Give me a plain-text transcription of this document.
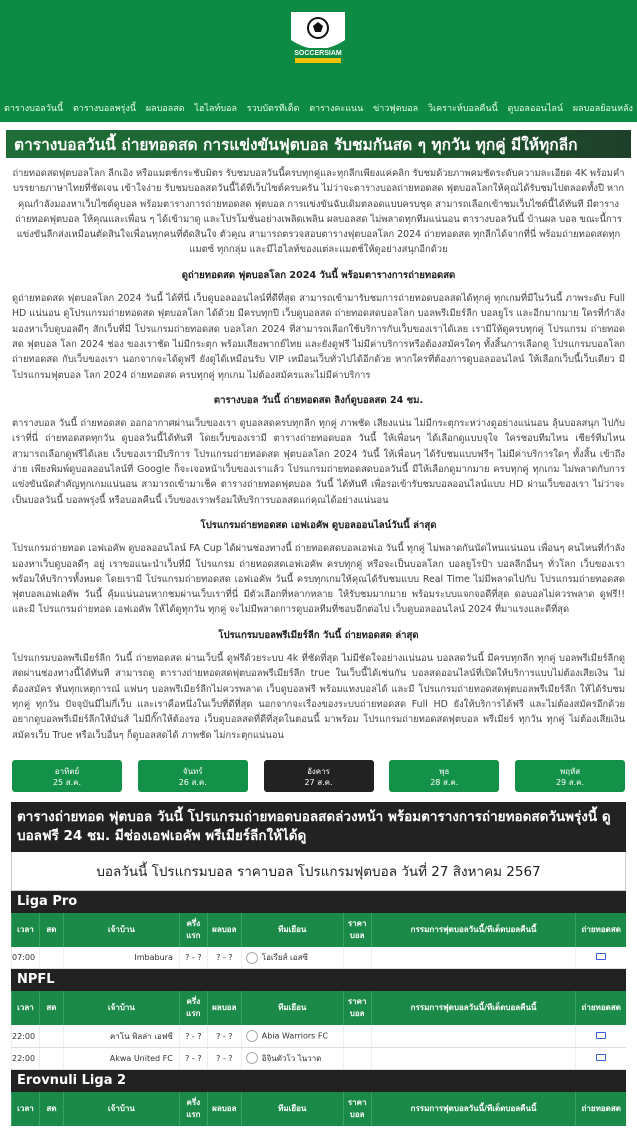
SOCCERSIAM
ตารางบอลวันนี้ ตารางบอลพรุ่งนี้ ผลบอลสด ไฮไลท์บอล รวบบัตรทีเด็ด ตารางคะแนน ข่าวฟุตบอล วิเคราะห์บอลคืนนี้ ดูบอลออนไลน์ ผลบอลย้อนหลัง
ตารางบอลวันนี้ ถ่ายทอดสด การแข่งขันฟุตบอล รับชมกันสด ๆ ทุกวัน ทุกคู่ มีให้ทุกลีก

ถ่ายทอดสดฟุตบอลโลก ลีกเอิง หรือแมตช์กระชับมิตร รับชมบอลวันนี้ครบทุกคู่และทุกลีกเพียงแค่คลิก รับชมด้วยภาพคมชัดระดับความละเอียด 4K พร้อมคำบรรยายภาษาไทยที่ชัดเจน เข้าใจง่าย รับชมบอลสดวันนี้ได้ที่เว็บไซต์ครบครัน ไม่ว่าจะตารางบอลถ่ายทอดสด ฟุตบอลโลกให้คุณได้รับชมไปตลอดทั้งปี หากคุณกำลังมองหาเว็บไซต์ดูบอล พร้อมตารางการถ่ายทอดสด ฟุตบอล การแข่งขันฉับเดิมตลอดแบบครบชุด สามารถเลือกเข้าชมเว็บไซต์นี้ได้ทันที มีตารางถ่ายทอดฟุตบอล ให้คุณและเพื่อน ๆ ได้เข้ามาดู และโปรโมชั่นอย่างเพลิดเพลิน ผลบอลสด ไม่พลาดทุกทีมแน่นอน ตารางบอลวันนี้ บ้านผล บอล ขณะนี้การแข่งขันลีกส่งเหมือนตัดสินใจเพื่อนทุกคนที่ตัดสินใจ ตัวคุณ สามารถตรวจสอบตารางฟุตบอลโลก 2024 ถ่ายทอดสด ทุกลีกได้จากที่นี่ พร้อมถ่ายทอดสดทุกแมตซ์ ทุกกลุ่ม และมีไฮไลท์ของแต่ละแมตช์ให้ดูอย่างสนุกอีกด้วย

ดูถ่ายทอดสด ฟุตบอลโลก 2024 วันนี้ พร้อมตารางการถ่ายทอดสด

ดูถ่ายทอดสด ฟุตบอลโลก 2024 วันนี้ ได้ที่นี่ เว็บดูบอลออนไลน์ที่ดีที่สุด สามารถเข้ามารับชมการถ่ายทอดบอลสดได้ทุกคู่ ทุกเกมที่มีในวันนี้ ภาพระดับ Full HD แน่นอน ดูโปรแกรมถ่ายทอดสด ฟุตบอลโลก ได้ด้วย มีครบทุกปี เว็บดูบอลสด ถ่ายทอดสดบอลโลก บอลพรีเมียร์ลีก บอลยูโร และอีกมากมาย ใครที่กำลังมองหาเว็บดูบอลดีๆ สักเว็บที่มี โปรแกรมถ่ายทอดสด บอลโลก 2024 ที่สามารถเลือกใช้บริการกับเว็บของเราได้เลย เรามีให้ดูครบทุกคู่ โปรแกรม ถ่ายทอด สด ฟุตบอล โลก 2024 ช่อง ของเราชัด ไม่มีกระตุก พร้อมเสียงพากย์ไทย และยังดูฟรี ไม่มีค่าบริการหรือต้องสมัครใดๆ ทั้งสิ้นการเลือกดู โปรแกรมบอลโลก ถ่ายทอดสด กับเว็บของเรา นอกจากจะได้ดูฟรี ยังดูได้เหมือนรับ VIP เหมือนเว็บทั่วไปได้อีกด้วย หากใครที่ต้องการดูบอลออนไลน์ ให้เลือกเว็บนี้เว็บเดียว มี โปรแกรมฟุตบอล โลก 2024 ถ่ายทอดสด ครบทุกคู่ ทุกเกม ไม่ต้องสมัครและไม่มีค่าบริการ

ตารางบอล วันนี้ ถ่ายทอดสด ลิงก์ดูบอลสด 24 ชม.

ตารางบอล วันนี้ ถ่ายทอดสด ออกอากาศผ่านเว็บของเรา ดูบอลสดครบทุกลีก ทุกคู่ ภาพชัด เสียงแน่น ไม่มีกระตุกระหว่างดูอย่างแน่นอน ลุ้นบอลสนุก ไปกับเราที่นี่ ถ่ายทอดสดทุกวัน ดูบอลวันนี้ได้ทันที โดยเว็บของเรามี ตารางถ่ายทอดบอล วันนี้ ให้เพื่อนๆ ได้เลือกดูแบบจุใจ ใครชอบทีมไหน เชียร์ทีมไหน สามารถเลือกดูฟรีได้เลย เว็บของเรามีบริการ โปรแกรมถ่ายทอดสด ฟุตบอลโลก 2024 วันนี้ ให้เพื่อนๆ ได้รับชมแบบฟรีๆ ไม่มีค่าบริการใดๆ ทั้งสิ้น เข้าถึงง่าย เพียงพิมพ์ดูบอลออนไลน์ที่ Google ก็จะเจอหน้าเว็บของเราแล้ว โปรแกรมถ่ายทอดสดบอลวันนี้ มีให้เลือกดูมากมาย ครบทุกคู่ ทุกเกม ไม่พลาดกับการแข่งขันนัดสำคัญทุกเกมแน่นอน สามารถเข้ามาเช็ค ตารางถ่ายทอดฟุตบอล วันนี้ ได้ทันที เพื่อรอเข้ารับชมบอลออนไลน์แบบ HD ผ่านเว็บของเรา ไม่ว่าจะเป็นบอลวันนี้ บอลพรุ่งนี้ หรือบอลคืนนี้ เว็บของเราพร้อมให้บริการบอลสดแก่คุณได้อย่างแน่นอน

โปรแกรมถ่ายทอดสด เอฟเอคัพ ดูบอลออนไลน์วันนี้ ล่าสุด

โปรแกรมถ่ายทอด เอฟเอคัพ ดูบอลออนไลน์ FA Cup ได้ผ่านช่องทางนี้ ถ่ายทอดสดบอลเอฟเอ วันนี้ ทุกคู่ ไม่พลาดกันนัดไหนแน่นอน เพื่อนๆ คนไหนที่กำลังมองหาเว็บดูบอลดีๆ อยู่ เราขอแนะนำเว็บที่มี โปรแกรม ถ่ายทอดสดเอฟเอคัพ ครบทุกคู่ หรือจะเป็นบอลโลก บอลยูโรป้า บอลลีกอื่นๆ ทั่วโลก เว็บของเราพร้อมให้บริการทั้งหมด โดยเรามี โปรแกรมถ่ายทอดสด เอฟเอคัพ วันนี้ ครบทุกเกมให้คุณได้รับชมแบบ Real Time ไม่มีพลาดไปกับ โปรแกรมถ่ายทอดสด ฟุตบอลเอฟเอคัพ วันนี้ คุ้มแน่นอนหากชมผ่านเว็บเราที่นี่ มีตัวเลือกที่หลากหลาย ให้รับชมมากมาย พร้อมระบบแจกจอดีที่สุด ดอบอลไม่ควรพลาด ดูฟรี!! และมี โปรแกรมถ่ายทอด เอฟเอคัพ ให้ได้ดูทุกวัน ทุกคู่ จะไม่มีพลาดการดูบอลทีมที่ชอบอีกต่อไป เว็บดูบอลออนไลน์ 2024 ที่มาแรงและดีที่สุด

โปรแกรมบอลพรีเมียร์ลีก วันนี้ ถ่ายทอดสด ล่าสุด

โปรแกรมบอลพรีเมียร์ลีก วันนี้ ถ่ายทอดสด ผ่านเว็บนี้ ดูฟรีด้วยระบบ 4k ที่ชัดที่สุด ไม่มีชัดใจอย่างแน่นอน บอลสดวันนี้ มีครบทุกลีก ทุกคู่ บอลพรีเมียร์ลีกดูสดผ่านช่องทางนี้ได้ทันที สามารถดู ตารางถ่ายทอดสดฟุตบอลพรีเมียร์ลีก true ในเว็บนี้ได้เช่นกัน บอลสดออนไลน์ที่เปิดให้บริการแบบไม่ต้องเสียเงิน ไม่ต้องสมัคร ทันทุกเหตุการณ์ แฟนๆ บอลพรีเมียร์ลีกไม่ควรพลาด เว็บดูบอลฟรี พร้อมแทงบอลได้ และมี โปรแกรมถ่ายทอดสดฟุตบอลพรีเมียร์ลีก ให้ได้รับชมทุกคู่ ทุกวัน ปัจจุบันมีไม่กี่เว็บ และเราคือหนึ่งในเว็บที่ดีที่สุด นอกจากจะเรื่องของระบบถ่ายทอดสด Full HD ยังให้บริการได้ฟรี และไม่ต้องสมัครอีกด้วย อยากดูบอลพรีเมียร์ลีกให้มันส์ ไม่มีกั๊กให้ต้องรอ เว็บดูบอลสดที่ดีที่สุดในตอนนี้ มาพร้อม โปรแกรมถ่ายทอดสดฟุตบอล พรีเมียร์ ทุกวัน ทุกคู่ ไม่ต้องเสียเงินสมัครเว็บ True หรือเว็บอื่นๆ ก็ดูบอลสดได้ ภาพชัด ไม่กระตุกแน่นอน

อาทิตย์
25 ส.ค.
จันทร์
26 ส.ค.
อังคาร
27 ส.ค.
พุธ
28 ส.ค.
พฤหัส
29 ส.ค.
ตารางถ่ายทอด ฟุตบอล วันนี้ โปรแกรมถ่ายทอดบอลสดล่วงหน้า พร้อมตารางการถ่ายทอดสดวันพรุ่งนี้ ดูบอลฟรี 24 ชม. มีช่องเอฟเอคัพ พรีเมียร์ลีกให้ได้ดู
บอลวันนี้ โปรแกรมบอล ราคาบอล โปรแกรมฟุตบอล วันที่ 27 สิงหาคม 2567
Liga Pro
เวลา	สด	เจ้าบ้าน	ครึ่งแรก	ผลบอล	ทีมเยือน	ราคาบอล	กรรมการฟุตบอลวันนี้/ทีเด็ดบอลคืนนี้	ถ่ายทอดสด
07:00		Imbabura	? - ?	? - ?	โอเรียส์ เอสซี			
NPFL
เวลา	สด	เจ้าบ้าน	ครึ่งแรก	ผลบอล	ทีมเยือน	ราคาบอล	กรรมการฟุตบอลวันนี้/ทีเด็ดบอลคืนนี้	ถ่ายทอดสด
22:00		คาโน พิลล่า เอฟซี	? - ?	? - ?	Abia Warriors FC			
22:00		Akwa United FC	? - ?	? - ?	อิจินตัวโว ไนวาด			
Erovnuli Liga 2
เวลา	สด	เจ้าบ้าน	ครึ่งแรก	ผลบอล	ทีมเยือน	ราคาบอล	กรรมการฟุตบอลวันนี้/ทีเด็ดบอลคืนนี้	ถ่ายทอดสด
